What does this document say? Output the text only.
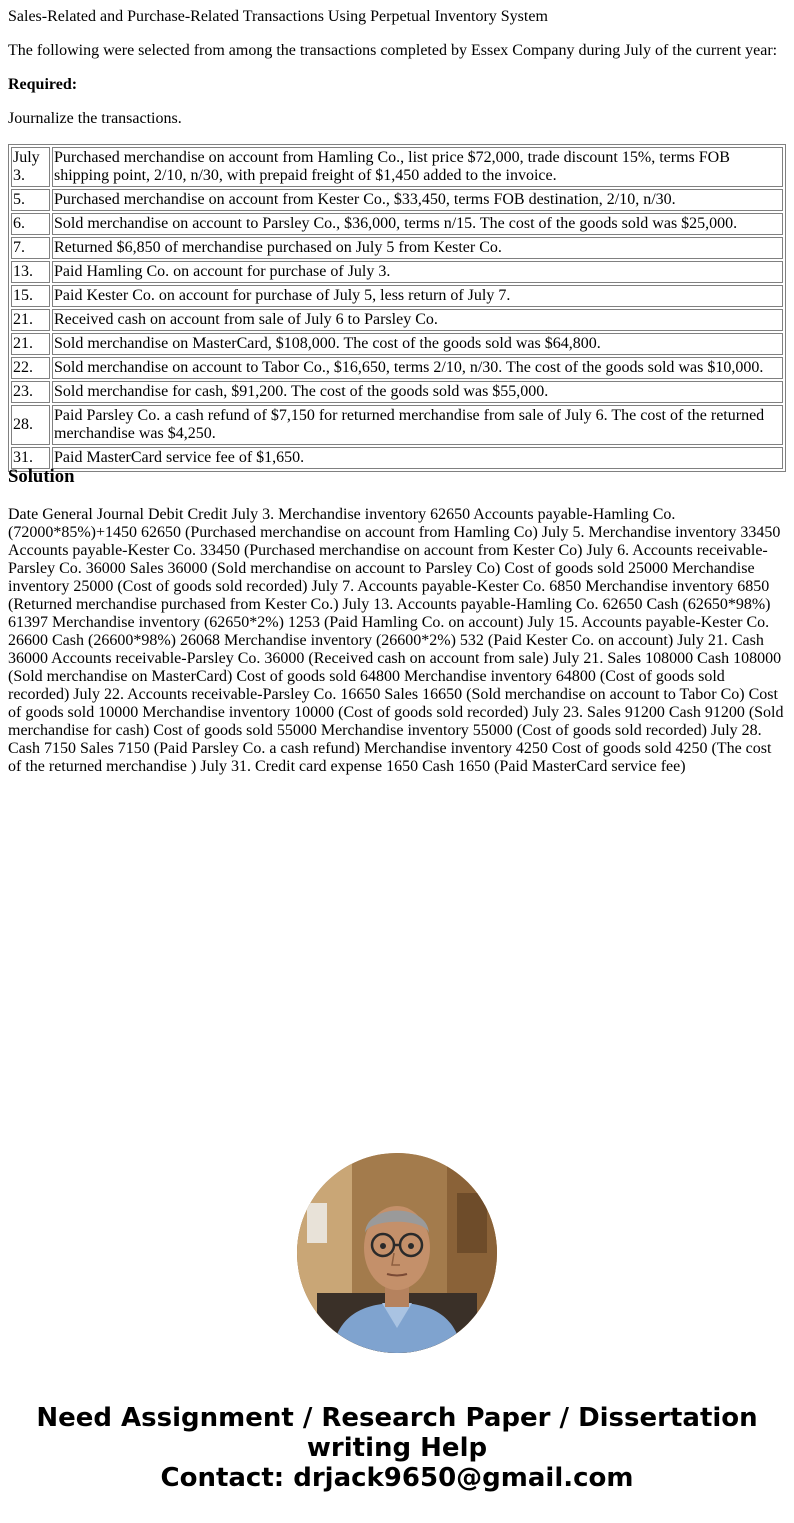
Sales-Related and Purchase-Related Transactions Using Perpetual Inventory System

The following were selected from among the transactions completed by Essex Company during July of the current year:

Required:

Journalize the transactions.

July 3.	Purchased merchandise on account from Hamling Co., list price $72,000, trade discount 15%, terms FOB shipping point, 2/10, n/30, with prepaid freight of $1,450 added to the invoice.
5.	Purchased merchandise on account from Kester Co., $33,450, terms FOB destination, 2/10, n/30.
6.	Sold merchandise on account to Parsley Co., $36,000, terms n/15. The cost of the goods sold was $25,000.
7.	Returned $6,850 of merchandise purchased on July 5 from Kester Co.
13.	Paid Hamling Co. on account for purchase of July 3.
15.	Paid Kester Co. on account for purchase of July 5, less return of July 7.
21.	Received cash on account from sale of July 6 to Parsley Co.
21.	Sold merchandise on MasterCard, $108,000. The cost of the goods sold was $64,800.
22.	Sold merchandise on account to Tabor Co., $16,650, terms 2/10, n/30. The cost of the goods sold was $10,000.
23.	Sold merchandise for cash, $91,200. The cost of the goods sold was $55,000.
28.	Paid Parsley Co. a cash refund of $7,150 for returned merchandise from sale of July 6. The cost of the returned merchandise was $4,250.
31.	Paid MasterCard service fee of $1,650.
Solution

Date General Journal Debit Credit July 3. Merchandise inventory 62650 Accounts payable-Hamling Co. (72000*85%)+1450 62650 (Purchased merchandise on account from Hamling Co) July 5. Merchandise inventory 33450 Accounts payable-Kester Co. 33450 (Purchased merchandise on account from Kester Co) July 6. Accounts receivable-Parsley Co. 36000 Sales 36000 (Sold merchandise on account to Parsley Co) Cost of goods sold 25000 Merchandise inventory 25000 (Cost of goods sold recorded) July 7. Accounts payable-Kester Co. 6850 Merchandise inventory 6850 (Returned merchandise purchased from Kester Co.) July 13. Accounts payable-Hamling Co. 62650 Cash (62650*98%) 61397 Merchandise inventory (62650*2%) 1253 (Paid Hamling Co. on account) July 15. Accounts payable-Kester Co. 26600 Cash (26600*98%) 26068 Merchandise inventory (26600*2%) 532 (Paid Kester Co. on account) July 21. Cash 36000 Accounts receivable-Parsley Co. 36000 (Received cash on account from sale) July 21. Sales 108000 Cash 108000 (Sold merchandise on MasterCard) Cost of goods sold 64800 Merchandise inventory 64800 (Cost of goods sold recorded) July 22. Accounts receivable-Parsley Co. 16650 Sales 16650 (Sold merchandise on account to Tabor Co) Cost of goods sold 10000 Merchandise inventory 10000 (Cost of goods sold recorded) July 23. Sales 91200 Cash 91200 (Sold merchandise for cash) Cost of goods sold 55000 Merchandise inventory 55000 (Cost of goods sold recorded) July 28. Cash 7150 Sales 7150 (Paid Parsley Co. a cash refund) Merchandise inventory 4250 Cost of goods sold 4250 (The cost of the returned merchandise ) July 31. Credit card expense 1650 Cash 1650 (Paid MasterCard service fee)

Need Assignment / Research Paper / Dissertation
writing Help
Contact: drjack9650@gmail.com
